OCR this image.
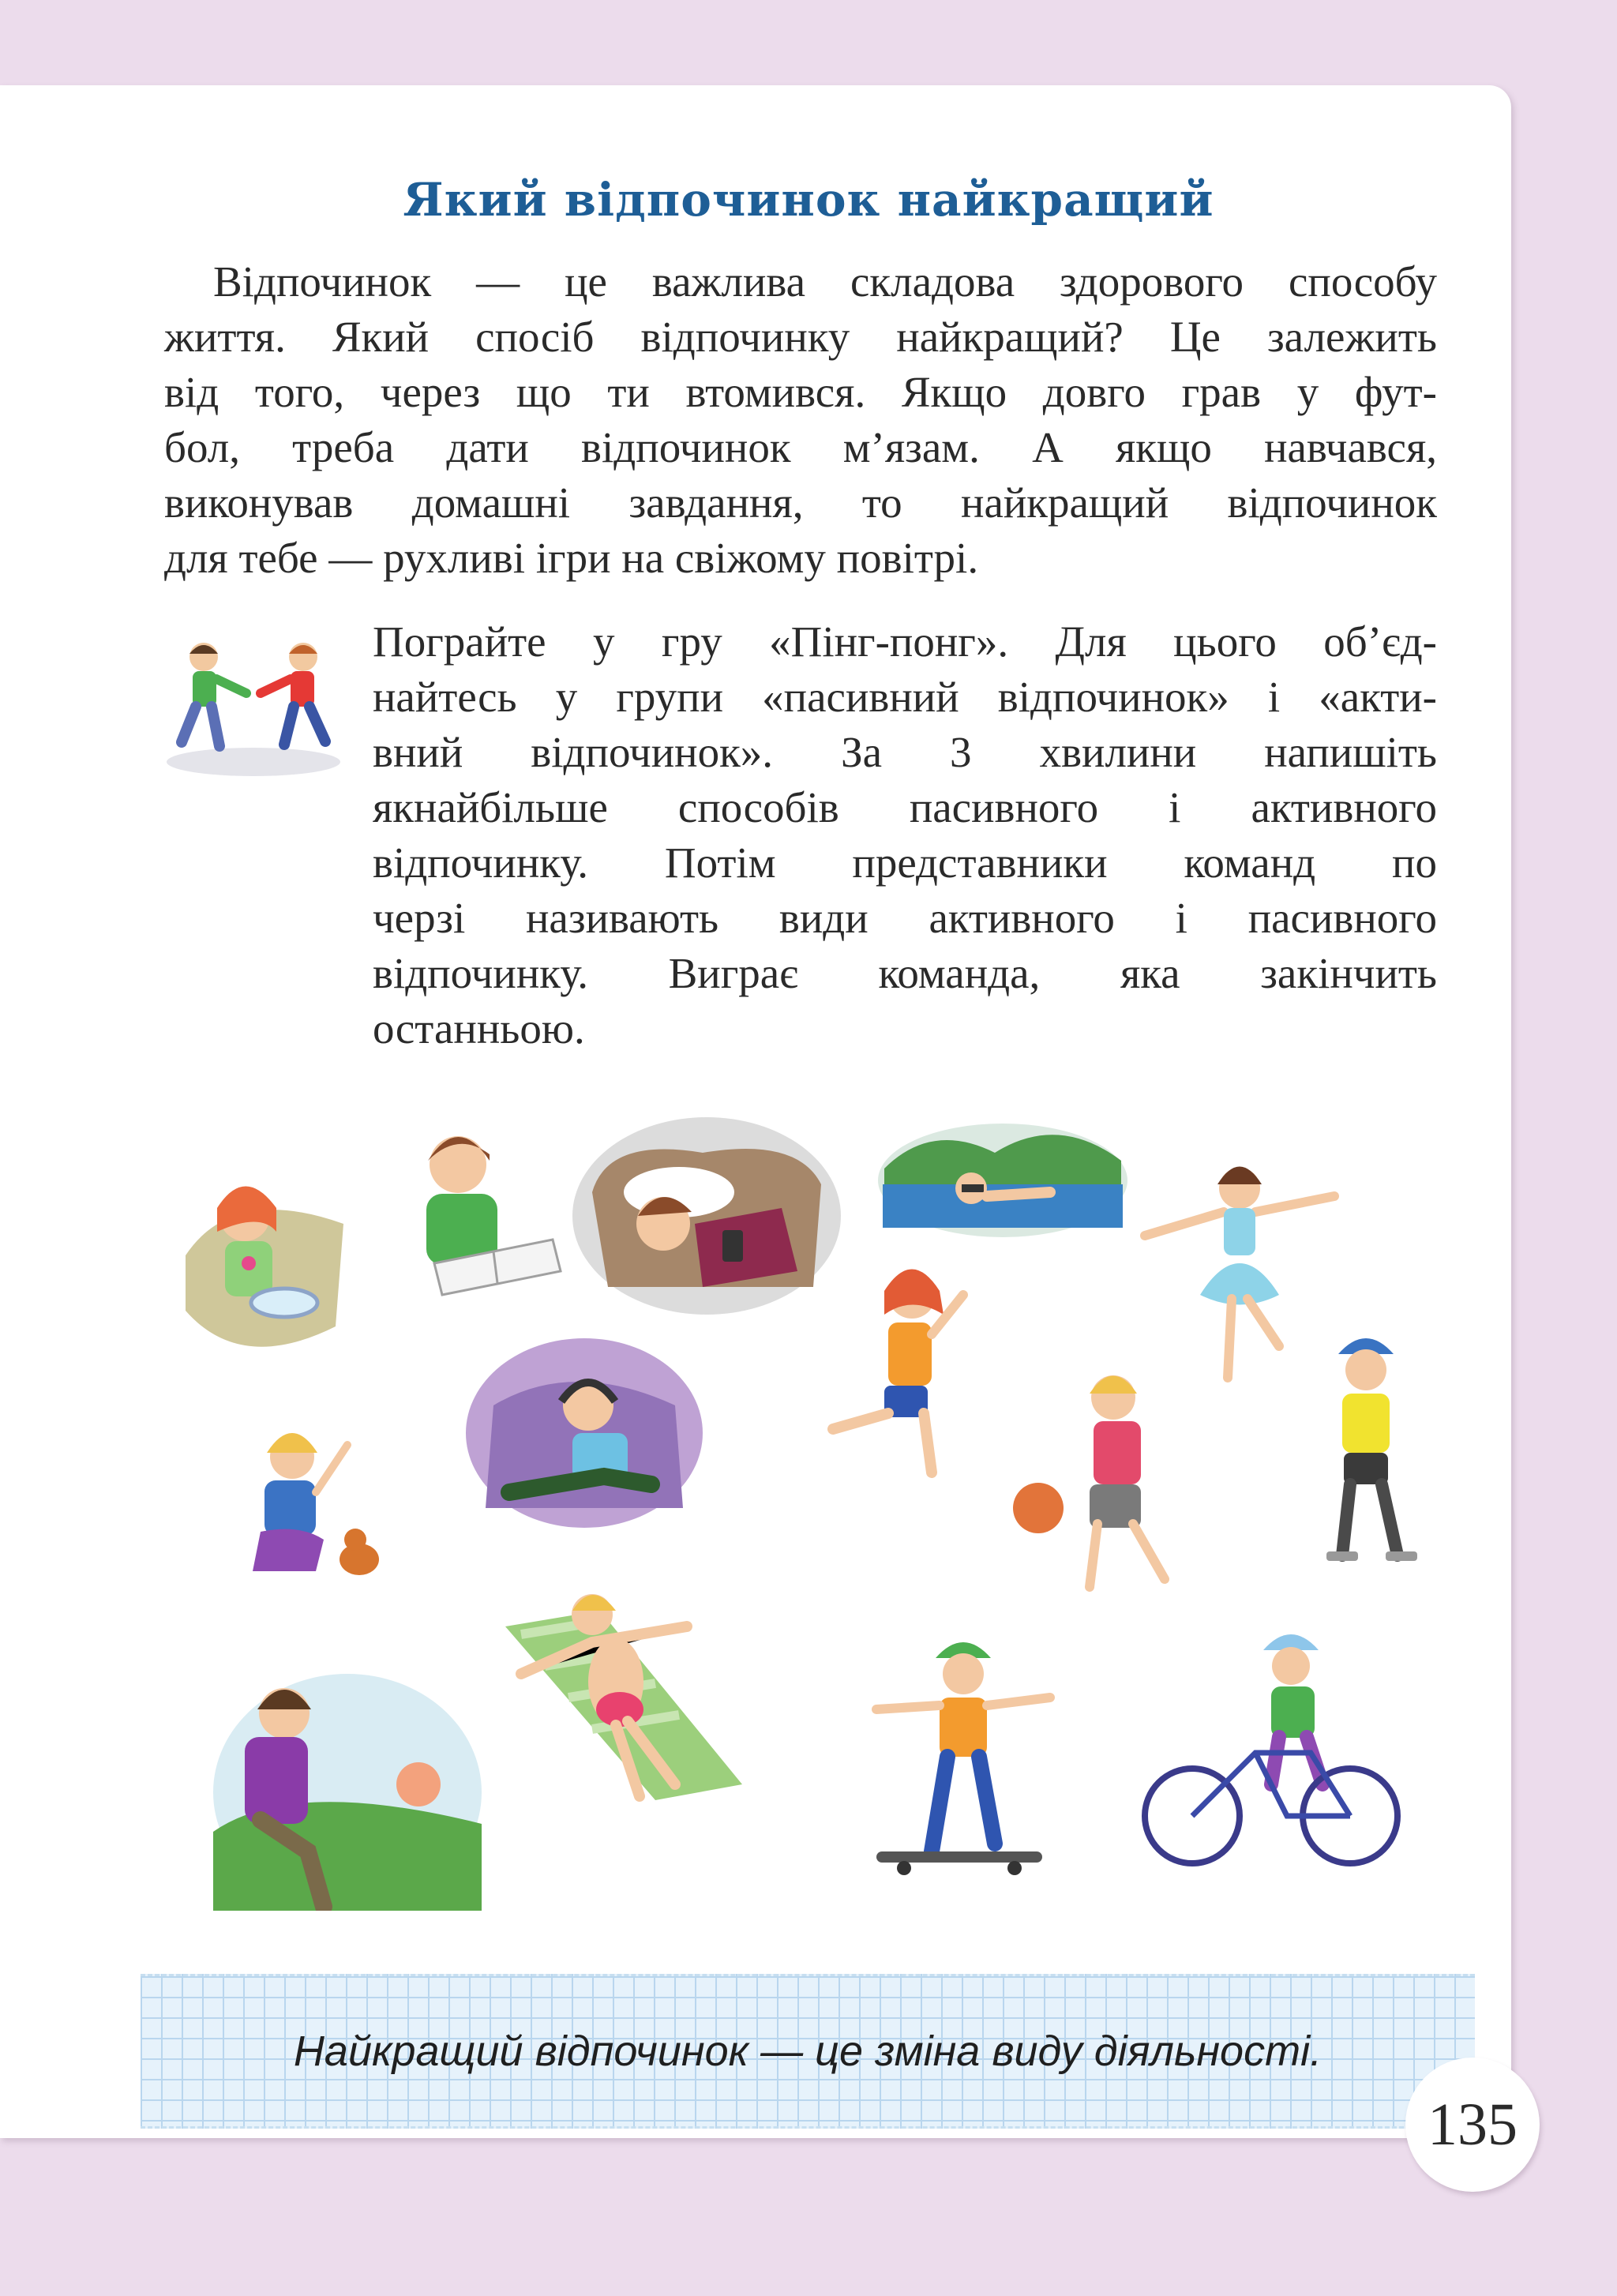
Який відпочинок найкращий
Відпочинок — це важлива складова здорового способу
життя. Який спосіб відпочинку найкращий? Це залежить
від того, через що ти втомився. Якщо довго грав у фут-
бол, треба дати відпочинок м’язам. А якщо навчався,
виконував домашні завдання, то найкращий відпочинок
для тебе — рухливі ігри на свіжому повітрі.
Пограйте у гру «Пінг-понг». Для цього об’єд-
найтесь у групи «пасивний відпочинок» і «акти-
вний відпочинок». За 3 хвилини напишіть
якнайбільше способів пасивного і активного
відпочинку. Потім представники команд по
черзі називають види активного і пасивного
відпочинку. Виграє команда, яка закінчить
останньою.
Найкращий відпочинок — це зміна виду діяльності.
135
